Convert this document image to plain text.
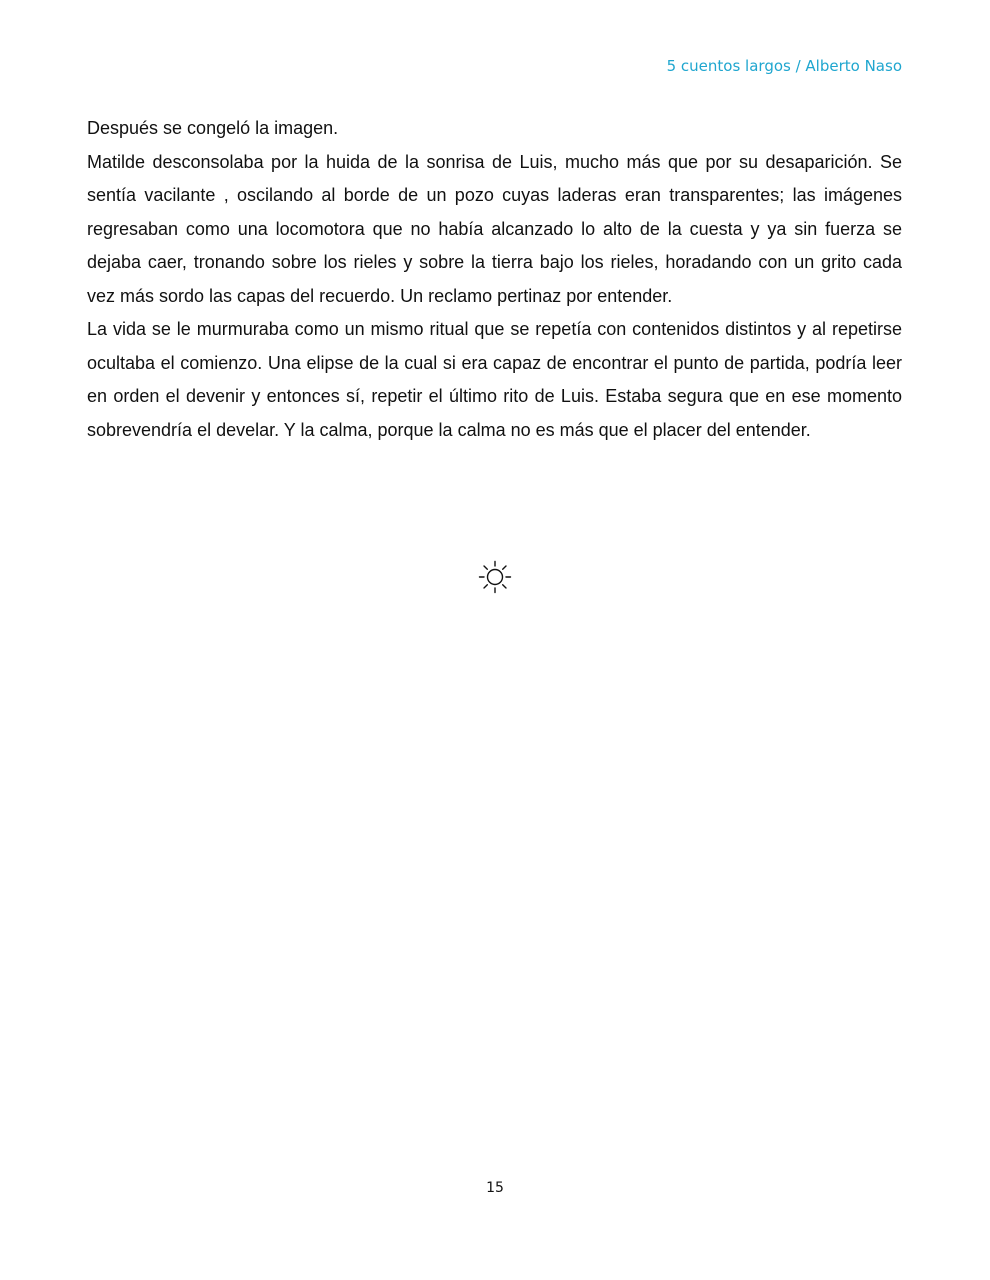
5 cuentos largos / Alberto Naso

Después se congeló la imagen.

Matilde desconsolaba por la huida de la sonrisa de Luis, mucho más que por su desaparición. Se sentía vacilante , oscilando al borde de un pozo cuyas laderas eran transparentes; las imágenes regresaban como una locomotora que no había alcanzado lo alto de la cuesta y ya sin fuerza se dejaba caer, tronando sobre los rieles y sobre la tierra bajo los rieles, horadando con un grito cada vez más sordo las capas del recuerdo. Un reclamo pertinaz por entender.

La vida se le murmuraba como un mismo ritual que se repetía con contenidos distintos y al repetirse ocultaba el comienzo. Una elipse de la cual si era capaz de encontrar el punto de partida, podría leer en orden el devenir y entonces sí, repetir el último rito de Luis. Estaba segura que en ese momento sobrevendría el develar. Y la calma, porque la calma no es más que el placer del entender.

15
